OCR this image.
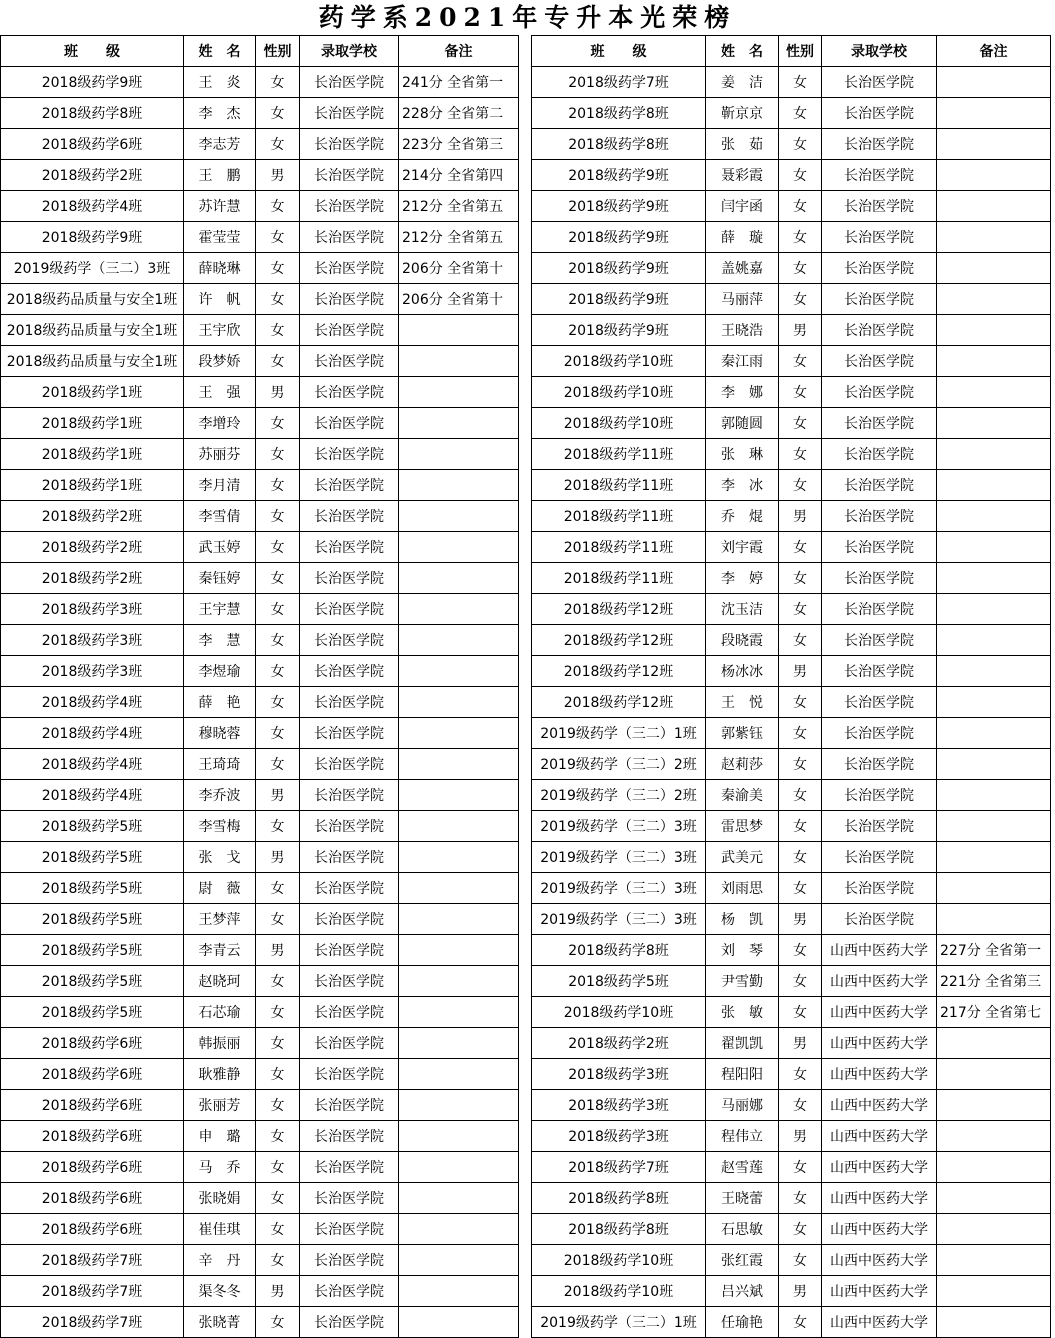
药学系2021年专升本光荣榜
班　　级	姓　名	性别	录取学校	备注
2018级药学9班	王　炎	女	长治医学院	241分 全省第一
2018级药学8班	李　杰	女	长治医学院	228分 全省第二
2018级药学6班	李志芳	女	长治医学院	223分 全省第三
2018级药学2班	王　鹏	男	长治医学院	214分 全省第四
2018级药学4班	苏许慧	女	长治医学院	212分 全省第五
2018级药学9班	霍莹莹	女	长治医学院	212分 全省第五
2019级药学（三二）3班	薛晓琳	女	长治医学院	206分 全省第十
2018级药品质量与安全1班	许　帆	女	长治医学院	206分 全省第十
2018级药品质量与安全1班	王宇欣	女	长治医学院	
2018级药品质量与安全1班	段梦娇	女	长治医学院	
2018级药学1班	王　强	男	长治医学院	
2018级药学1班	李增玲	女	长治医学院	
2018级药学1班	苏丽芬	女	长治医学院	
2018级药学1班	李月清	女	长治医学院	
2018级药学2班	李雪倩	女	长治医学院	
2018级药学2班	武玉婷	女	长治医学院	
2018级药学2班	秦钰婷	女	长治医学院	
2018级药学3班	王宇慧	女	长治医学院	
2018级药学3班	李　慧	女	长治医学院	
2018级药学3班	李煜瑜	女	长治医学院	
2018级药学4班	薛　艳	女	长治医学院	
2018级药学4班	穆晓蓉	女	长治医学院	
2018级药学4班	王琦琦	女	长治医学院	
2018级药学4班	李乔波	男	长治医学院	
2018级药学5班	李雪梅	女	长治医学院	
2018级药学5班	张　戈	男	长治医学院	
2018级药学5班	尉　薇	女	长治医学院	
2018级药学5班	王梦萍	女	长治医学院	
2018级药学5班	李青云	男	长治医学院	
2018级药学5班	赵晓珂	女	长治医学院	
2018级药学5班	石芯瑜	女	长治医学院	
2018级药学6班	韩振丽	女	长治医学院	
2018级药学6班	耿雅静	女	长治医学院	
2018级药学6班	张丽芳	女	长治医学院	
2018级药学6班	申　璐	女	长治医学院	
2018级药学6班	马　乔	女	长治医学院	
2018级药学6班	张晓娟	女	长治医学院	
2018级药学6班	崔佳琪	女	长治医学院	
2018级药学7班	辛　丹	女	长治医学院	
2018级药学7班	渠冬冬	男	长治医学院	
2018级药学7班	张晓菁	女	长治医学院	
班　　级	姓　名	性别	录取学校	备注
2018级药学7班	姜　洁	女	长治医学院	
2018级药学8班	靳京京	女	长治医学院	
2018级药学8班	张　茹	女	长治医学院	
2018级药学9班	聂彩霞	女	长治医学院	
2018级药学9班	闫宇函	女	长治医学院	
2018级药学9班	薛　璇	女	长治医学院	
2018级药学9班	盖姚嘉	女	长治医学院	
2018级药学9班	马丽萍	女	长治医学院	
2018级药学9班	王晓浩	男	长治医学院	
2018级药学10班	秦江雨	女	长治医学院	
2018级药学10班	李　娜	女	长治医学院	
2018级药学10班	郭随圆	女	长治医学院	
2018级药学11班	张　琳	女	长治医学院	
2018级药学11班	李　冰	女	长治医学院	
2018级药学11班	乔　焜	男	长治医学院	
2018级药学11班	刘宇霞	女	长治医学院	
2018级药学11班	李　婷	女	长治医学院	
2018级药学12班	沈玉洁	女	长治医学院	
2018级药学12班	段晓霞	女	长治医学院	
2018级药学12班	杨冰冰	男	长治医学院	
2018级药学12班	王　悦	女	长治医学院	
2019级药学（三二）1班	郭紫钰	女	长治医学院	
2019级药学（三二）2班	赵莉莎	女	长治医学院	
2019级药学（三二）2班	秦渝美	女	长治医学院	
2019级药学（三二）3班	雷思梦	女	长治医学院	
2019级药学（三二）3班	武美元	女	长治医学院	
2019级药学（三二）3班	刘雨思	女	长治医学院	
2019级药学（三二）3班	杨　凯	男	长治医学院	
2018级药学8班	刘　琴	女	山西中医药大学	227分 全省第一
2018级药学5班	尹雪勤	女	山西中医药大学	221分 全省第三
2018级药学10班	张　敏	女	山西中医药大学	217分 全省第七
2018级药学2班	翟凯凯	男	山西中医药大学	
2018级药学3班	程阳阳	女	山西中医药大学	
2018级药学3班	马丽娜	女	山西中医药大学	
2018级药学3班	程伟立	男	山西中医药大学	
2018级药学7班	赵雪莲	女	山西中医药大学	
2018级药学8班	王晓蕾	女	山西中医药大学	
2018级药学8班	石思敏	女	山西中医药大学	
2018级药学10班	张红霞	女	山西中医药大学	
2018级药学10班	吕兴斌	男	山西中医药大学	
2019级药学（三二）1班	任瑜艳	女	山西中医药大学	
